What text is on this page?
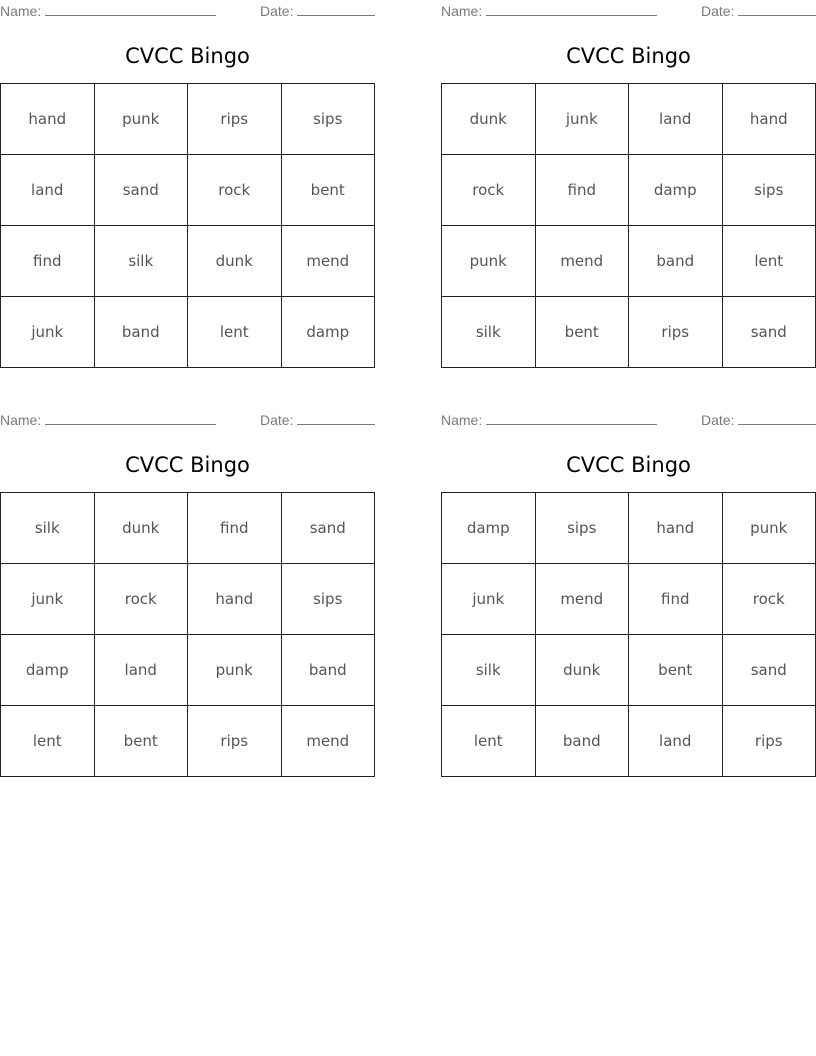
Name:	Date:
CVCC Bingo
hand	punk	rips	sips
land	sand	rock	bent
find	silk	dunk	mend
junk	band	lent	damp
Name:	Date:
CVCC Bingo
dunk	junk	land	hand
rock	find	damp	sips
punk	mend	band	lent
silk	bent	rips	sand
Name:	Date:
CVCC Bingo
silk	dunk	find	sand
junk	rock	hand	sips
damp	land	punk	band
lent	bent	rips	mend
Name:	Date:
CVCC Bingo
damp	sips	hand	punk
junk	mend	find	rock
silk	dunk	bent	sand
lent	band	land	rips
